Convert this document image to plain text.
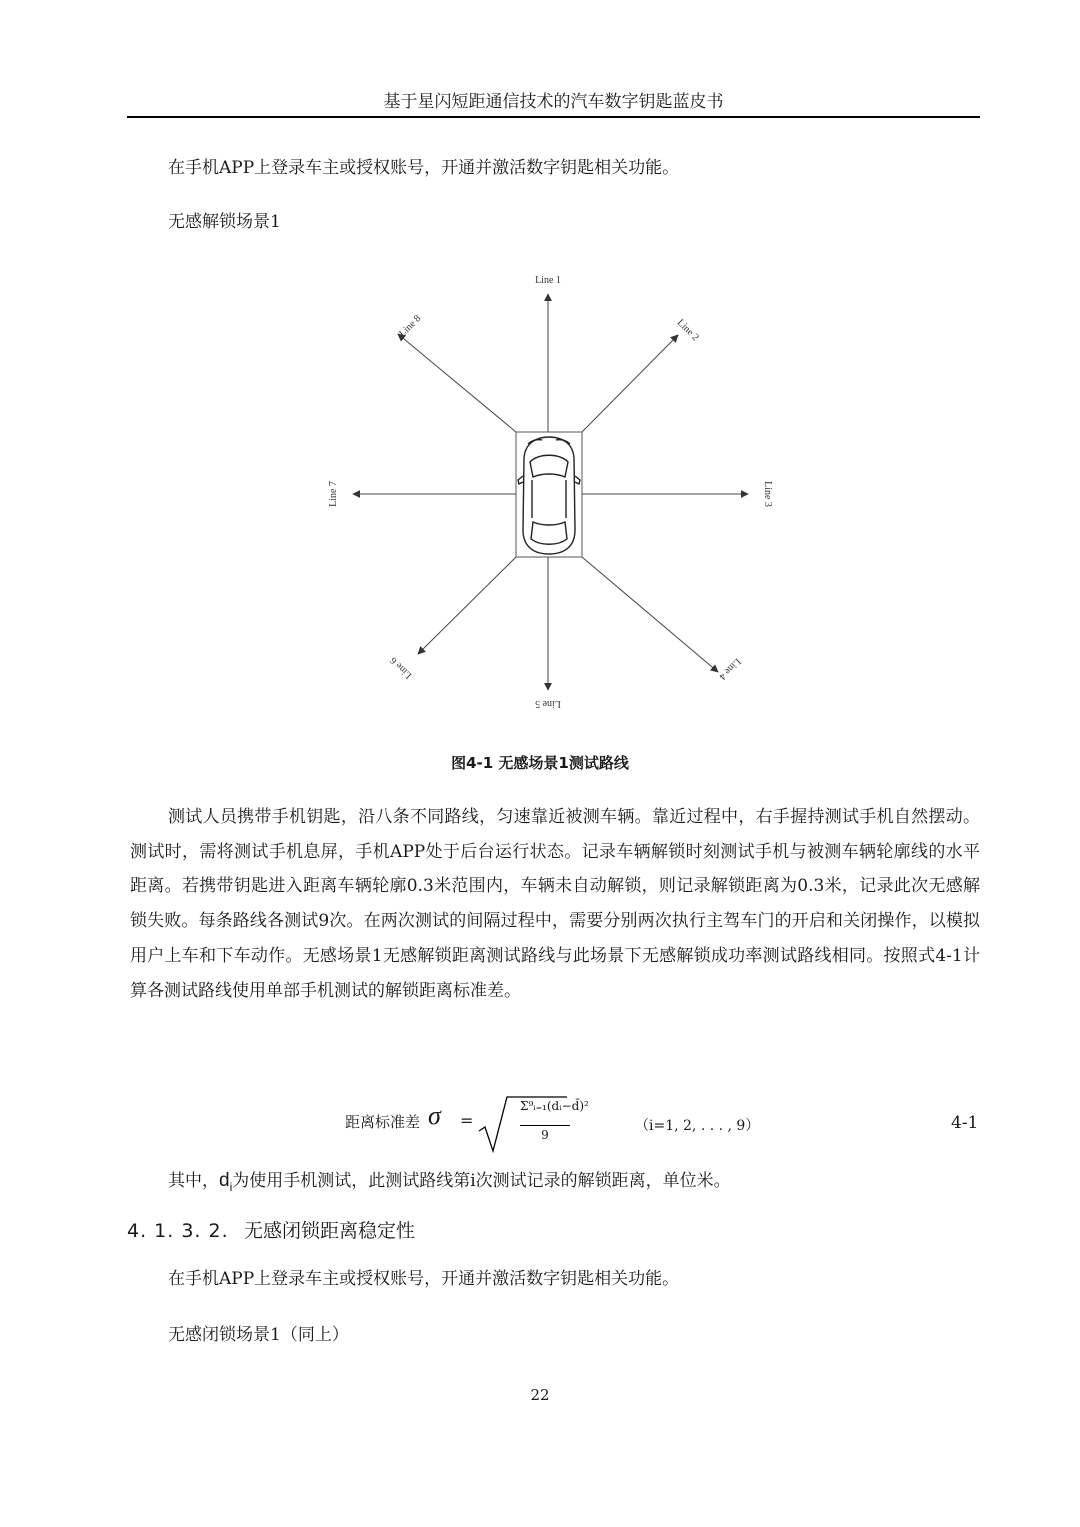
基于星闪短距通信技术的汽车数字钥匙蓝皮书

在手机APP上登录车主或授权账号，开通并激活数字钥匙相关功能。

无感解锁场景1

Line 1
Line 2
Line 3
Line 4
Line 5
Line 6
Line 7
Line 8
图4-1 无感场景1测试路线

测试人员携带手机钥匙，沿八条不同路线，匀速靠近被测车辆。靠近过程中，右手握持测试手机自然摆动。测试时，需将测试手机息屏，手机APP处于后台运行状态。记录车辆解锁时刻测试手机与被测车辆轮廓线的水平距离。若携带钥匙进入距离车辆轮廓0.3米范围内，车辆未自动解锁，则记录解锁距离为0.3米，记录此次无感解锁失败。每条路线各测试9次。在两次测试的间隔过程中，需要分别两次执行主驾车门的开启和关闭操作，以模拟用户上车和下车动作。无感场景1无感解锁距离测试路线与此场景下无感解锁成功率测试路线相同。按照式4-1计算各测试路线使用单部手机测试的解锁距离标准差。

距离标准差 σ =
Σ⁹ᵢ₌₁(dᵢ−d̄)²
9
（i=1, 2, . . . , 9）	4-1
其中，$d_i$为使用手机测试，此测试路线第i次测试记录的解锁距离，单位米。
4. 1. 3. 2. 无感闭锁距离稳定性

在手机APP上登录车主或授权账号，开通并激活数字钥匙相关功能。

无感闭锁场景1（同上）

22
